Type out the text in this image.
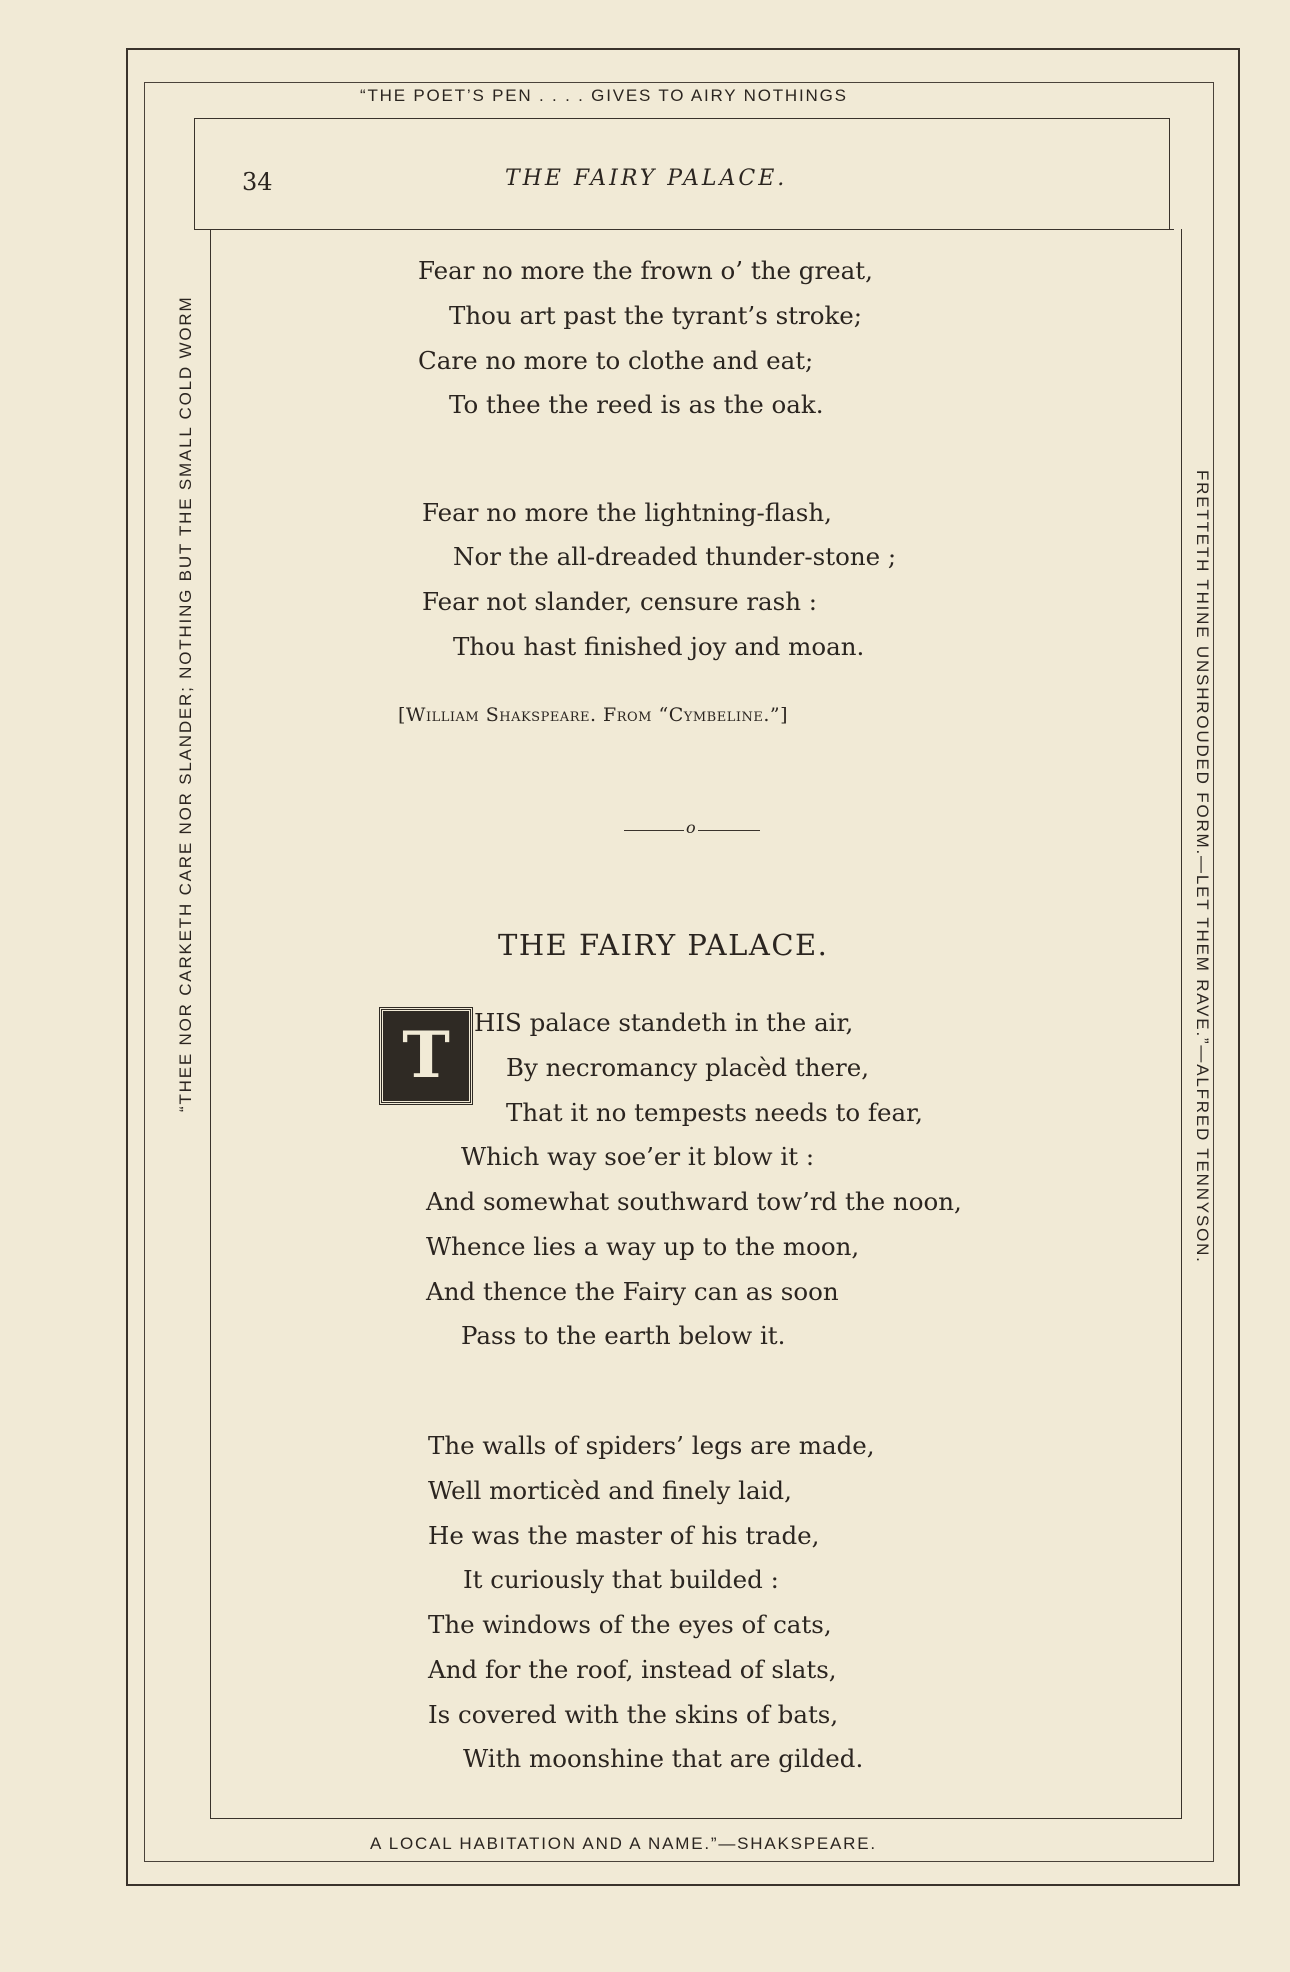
“THE POET’S PEN . . . . GIVES TO AIRY NOTHINGS
“THEE NOR CARKETH CARE NOR SLANDER; NOTHING BUT THE SMALL COLD WORM	FRETTETH THINE UNSHROUDED FORM.—LET THEM RAVE.”—ALFRED TENNYSON.
A LOCAL HABITATION AND A NAME.”—SHAKSPEARE.
34	THE FAIRY PALACE.
Fear no more the frown o’ the great,
Thou art past the tyrant’s stroke;
Care no more to clothe and eat;
To thee the reed is as the oak.
Fear no more the lightning-flash,
Nor the all-dreaded thunder-stone ;
Fear not slander, censure rash :
Thou hast finished joy and moan.
[William Shakspeare. From “Cymbeline.”]
o
THE FAIRY PALACE.
T HIS palace standeth in the air,
By necromancy placèd there,
That it no tempests needs to fear,
Which way soe’er it blow it :
And somewhat southward tow’rd the noon,
Whence lies a way up to the moon,
And thence the Fairy can as soon
Pass to the earth below it.
The walls of spiders’ legs are made,
Well morticèd and finely laid,
He was the master of his trade,
It curiously that builded :
The windows of the eyes of cats,
And for the roof, instead of slats,
Is covered with the skins of bats,
With moonshine that are gilded.
